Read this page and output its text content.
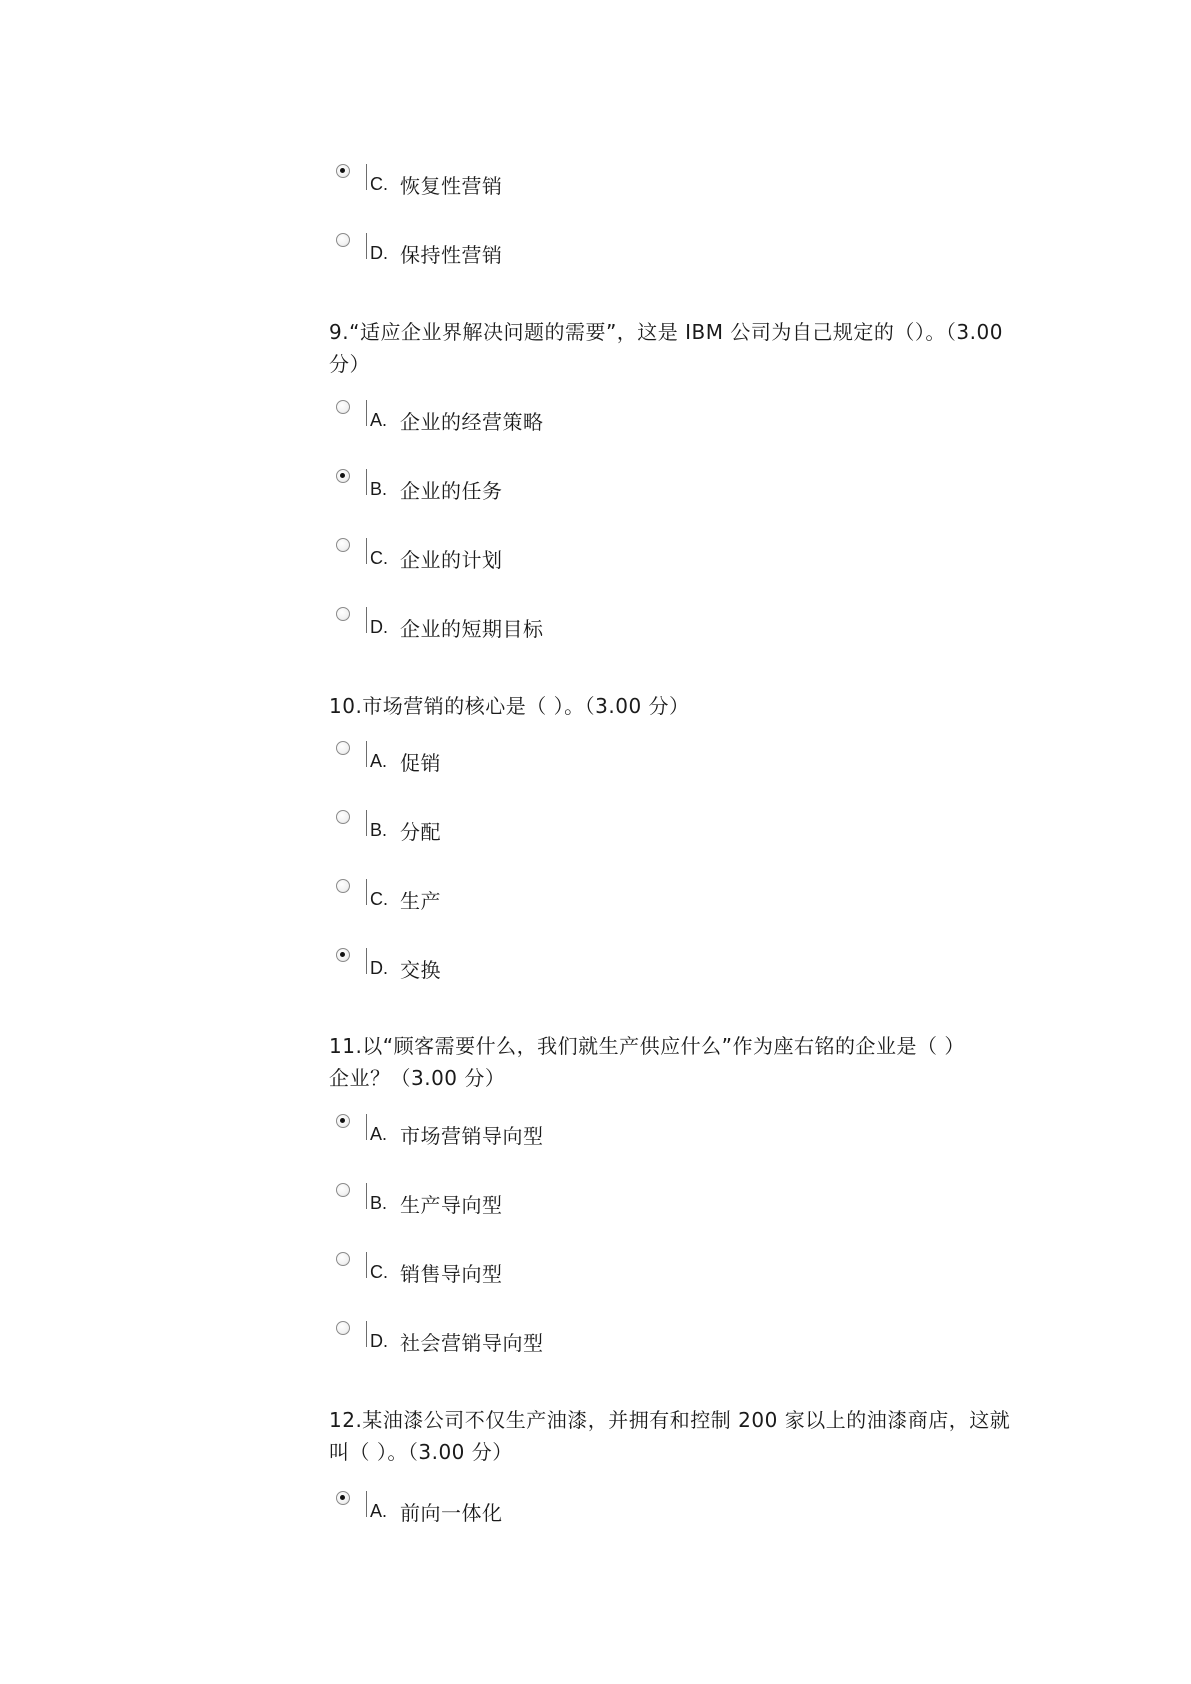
C. 恢复性营销
D. 保持性营销
9.“适应企业界解决问题的需要”，这是 IBM 公司为自己规定的（）。（3.00
分）
A. 企业的经营策略
B. 企业的任务
C. 企业的计划
D. 企业的短期目标
10.市场营销的核心是（ ）。（3.00 分）
A. 促销
B. 分配
C. 生产
D. 交换
11.以“顾客需要什么，我们就生产供应什么”作为座右铭的企业是（ ）
企业？（3.00 分）
A. 市场营销导向型
B. 生产导向型
C. 销售导向型
D. 社会营销导向型
12.某油漆公司不仅生产油漆，并拥有和控制 200 家以上的油漆商店，这就
叫（ ）。（3.00 分）
A. 前向一体化
